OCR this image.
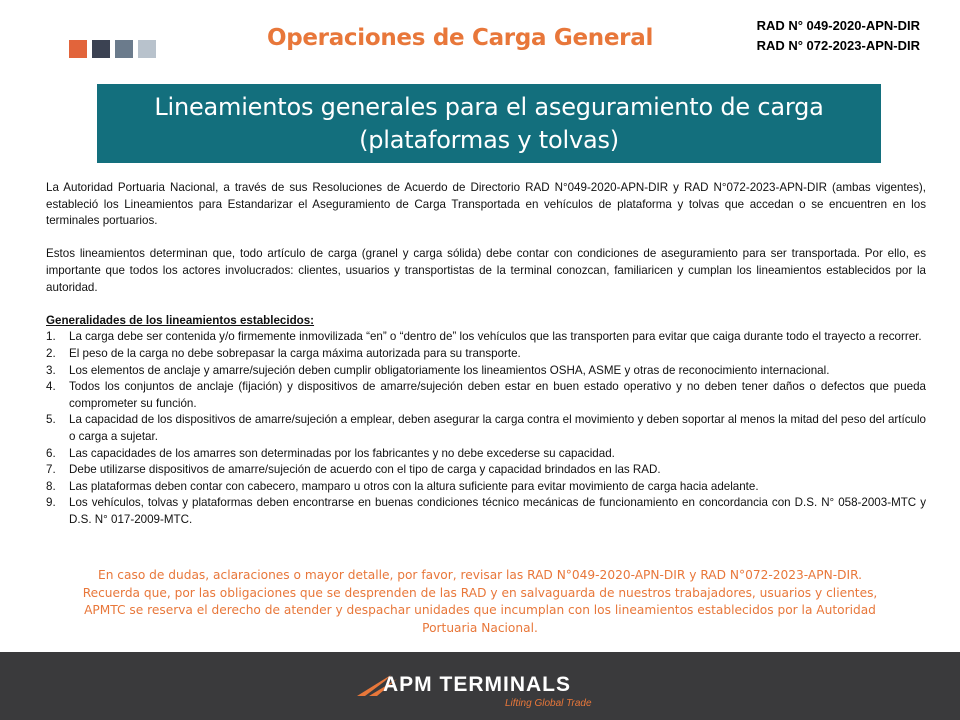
Operaciones de Carga General	RAD N° 049-2020-APN-DIR
RAD N° 072-2023-APN-DIR
Lineamientos generales para el aseguramiento de carga
(plataformas y tolvas)

La Autoridad Portuaria Nacional, a través de sus Resoluciones de Acuerdo de Directorio RAD N°049-2020-APN-DIR y RAD N°072-2023-APN-DIR (ambas vigentes), estableció los Lineamientos para Estandarizar el Aseguramiento de Carga Transportada en vehículos de plataforma y tolvas que accedan o se encuentren en los terminales portuarios.

Estos lineamientos determinan que, todo artículo de carga (granel y carga sólida) debe contar con condiciones de aseguramiento para ser transportada. Por ello, es importante que todos los actores involucrados: clientes, usuarios y transportistas de la terminal conozcan, familiaricen y cumplan los lineamientos establecidos por la autoridad.

Generalidades de los lineamientos establecidos:

1.	La carga debe ser contenida y/o firmemente inmovilizada “en” o “dentro de” los vehículos que las transporten para evitar que caiga durante todo el trayecto a recorrer.
2.	El peso de la carga no debe sobrepasar la carga máxima autorizada para su transporte.
3.	Los elementos de anclaje y amarre/sujeción deben cumplir obligatoriamente los lineamientos OSHA, ASME y otras de reconocimiento internacional.
4.	Todos los conjuntos de anclaje (fijación) y dispositivos de amarre/sujeción deben estar en buen estado operativo y no deben tener daños o defectos que pueda comprometer su función.
5.	La capacidad de los dispositivos de amarre/sujeción a emplear, deben asegurar la carga contra el movimiento y deben soportar al menos la mitad del peso del artículo o carga a sujetar.
6.	Las capacidades de los amarres son determinadas por los fabricantes y no debe excederse su capacidad.
7.	Debe utilizarse dispositivos de amarre/sujeción de acuerdo con el tipo de carga y capacidad brindados en las RAD.
8.	Las plataformas deben contar con cabecero, mamparo u otros con la altura suficiente para evitar movimiento de carga hacia adelante.
9.	Los vehículos, tolvas y plataformas deben encontrarse en buenas condiciones técnico mecánicas de funcionamiento en concordancia con D.S. N° 058-2003-MTC y D.S. N° 017-2009-MTC.
En caso de dudas, aclaraciones o mayor detalle, por favor, revisar las RAD N°049-2020-APN-DIR y RAD N°072-2023-APN-DIR.
Recuerda que, por las obligaciones que se desprenden de las RAD y en salvaguarda de nuestros trabajadores, usuarios y clientes,
APMTC se reserva el derecho de atender y despachar unidades que incumplan con los lineamientos establecidos por la Autoridad
Portuaria Nacional.
APM TERMINALS
Lifting Global Trade
